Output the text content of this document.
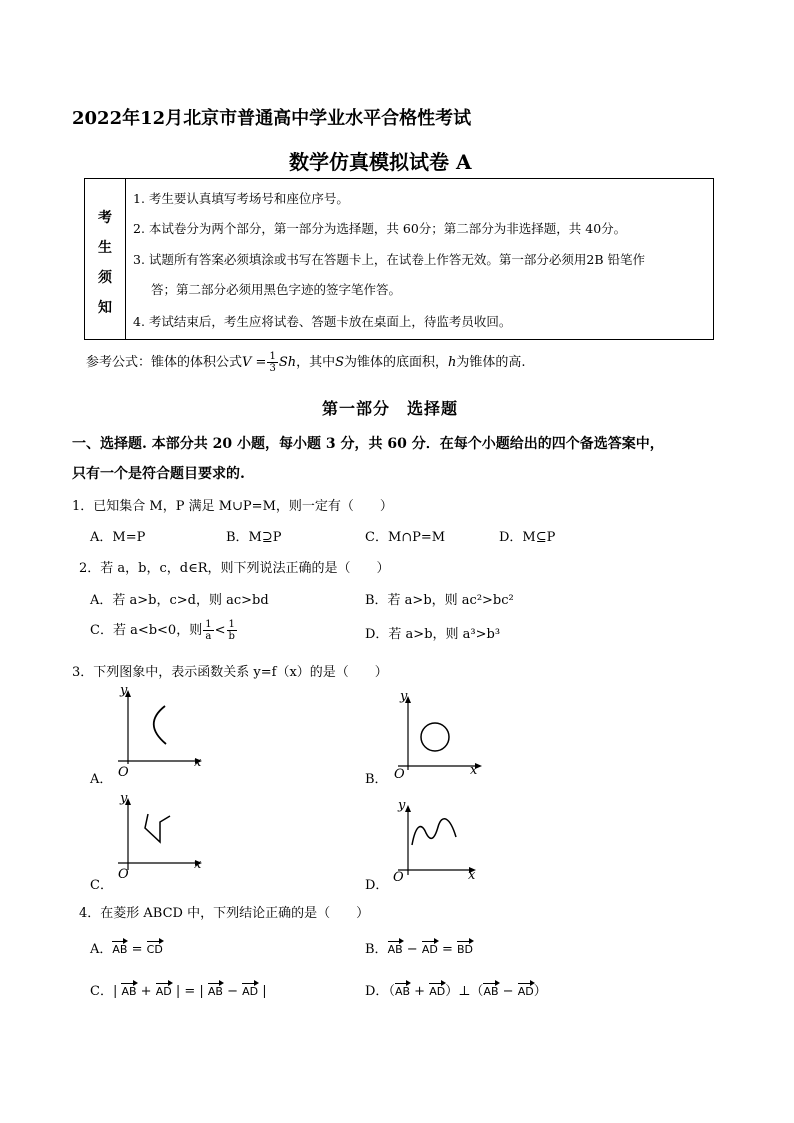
2022年12月北京市普通高中学业水平合格性考试
数学仿真模拟试卷 A
考
生
须
知
1. 考生要认真填写考场号和座位序号。
2. 本试卷分为两个部分，第一部分为选择题，共 60分；第二部分为非选择题，共 40分。
3. 试题所有答案必须填涂或书写在答题卡上，在试卷上作答无效。第一部分必须用2B 铅笔作
答；第二部分必须用黑色字迹的签字笔作答。
4. 考试结束后，考生应将试卷、答题卡放在桌面上，待监考员收回。
参考公式：锥体的体积公式$V = \frac{1}{3}$ Sh，其中S为锥体的底面积，h为锥体的高.
第一部分　选择题
一、选择题. 本部分共 20 小题，每小题 3 分，共 60 分．在每个小题给出的四个备选答案中，
只有一个是符合题目要求的.
1．已知集合 M，P 满足 M∪P=M，则一定有（　　）
A．M=P	B．M⊇P	C．M∩P=M	D．M⊆P
2．若 a，b，c，d∈R，则下列说法正确的是（　　）
A．若 a>b，c>d，则 ac>bd	B．若 a>b，则 ac²>bc²
C．若 a<b<0，则 $\frac{1}{a} < \frac{1}{b}$	D．若 a>b，则 a³>b³
3．下列图象中，表示函数关系 y=f（x）的是（　　）
A．
y
x
O	B．
y
x
O
C．
y
x
O
D．
y
x
O
4．在菱形 ABCD 中，下列结论正确的是（　　）
A．AB = CD	B．AB − AD = BD
C．| AB + AD | = | AB − AD |	D．（AB + AD）⊥（AB − AD）
